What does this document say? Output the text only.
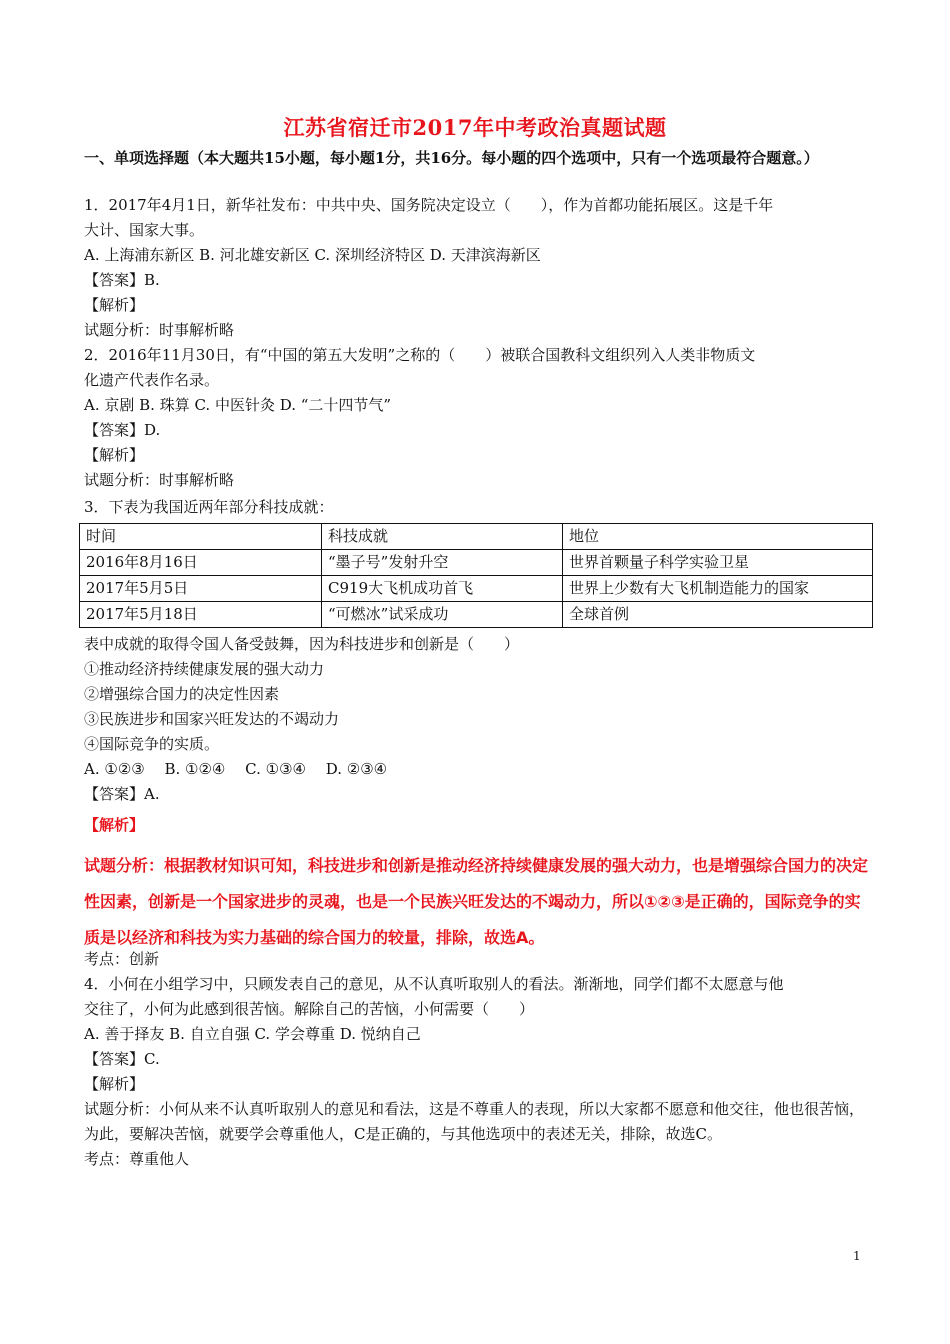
江苏省宿迁市2017年中考政治真题试题
一、单项选择题（本大题共15小题，每小题1分，共16分。每小题的四个选项中，只有一个选项最符合题意。）
1．2017年4月1日，新华社发布：中共中央、国务院决定设立（　　），作为首都功能拓展区。这是千年
大计、国家大事。
A. 上海浦东新区 B. 河北雄安新区 C. 深圳经济特区 D. 天津滨海新区
【答案】B.
【解析】
试题分析：时事解析略
2．2016年11月30日，有“中国的第五大发明”之称的（　　）被联合国教科文组织列入人类非物质文
化遗产代表作名录。
A. 京剧 B. 珠算 C. 中医针灸 D. “二十四节气”
【答案】D.
【解析】
试题分析：时事解析略
3．下表为我国近两年部分科技成就：
时间	科技成就	地位
2016年8月16日	“墨子号”发射升空	世界首颗量子科学实验卫星
2017年5月5日	C919大飞机成功首飞	世界上少数有大飞机制造能力的国家
2017年5月18日	“可燃冰”试采成功	全球首例
表中成就的取得令国人备受鼓舞，因为科技进步和创新是（　　）
①推动经济持续健康发展的强大动力
②增强综合国力的决定性因素
③民族进步和国家兴旺发达的不竭动力
④国际竞争的实质。
A. ①②③　 B. ①②④　 C. ①③④　 D. ②③④
【答案】A.
【解析】
试题分析：根据教材知识可知，科技进步和创新是推动经济持续健康发展的强大动力，也是增强综合国力的决定性因素，创新是一个国家进步的灵魂，也是一个民族兴旺发达的不竭动力，所以①②③是正确的，国际竞争的实质是以经济和科技为实力基础的综合国力的较量，排除，故选A。
考点：创新
4．小何在小组学习中，只顾发表自己的意见，从不认真听取别人的看法。渐渐地，同学们都不太愿意与他
交往了，小何为此感到很苦恼。解除自己的苦恼，小何需要（　　）
A. 善于择友 B. 自立自强 C. 学会尊重 D. 悦纳自己
【答案】C.
【解析】
试题分析：小何从来不认真听取别人的意见和看法，这是不尊重人的表现，所以大家都不愿意和他交往，他也很苦恼，为此，要解决苦恼，就要学会尊重他人，C是正确的，与其他选项中的表述无关，排除，故选C。
考点：尊重他人
1
